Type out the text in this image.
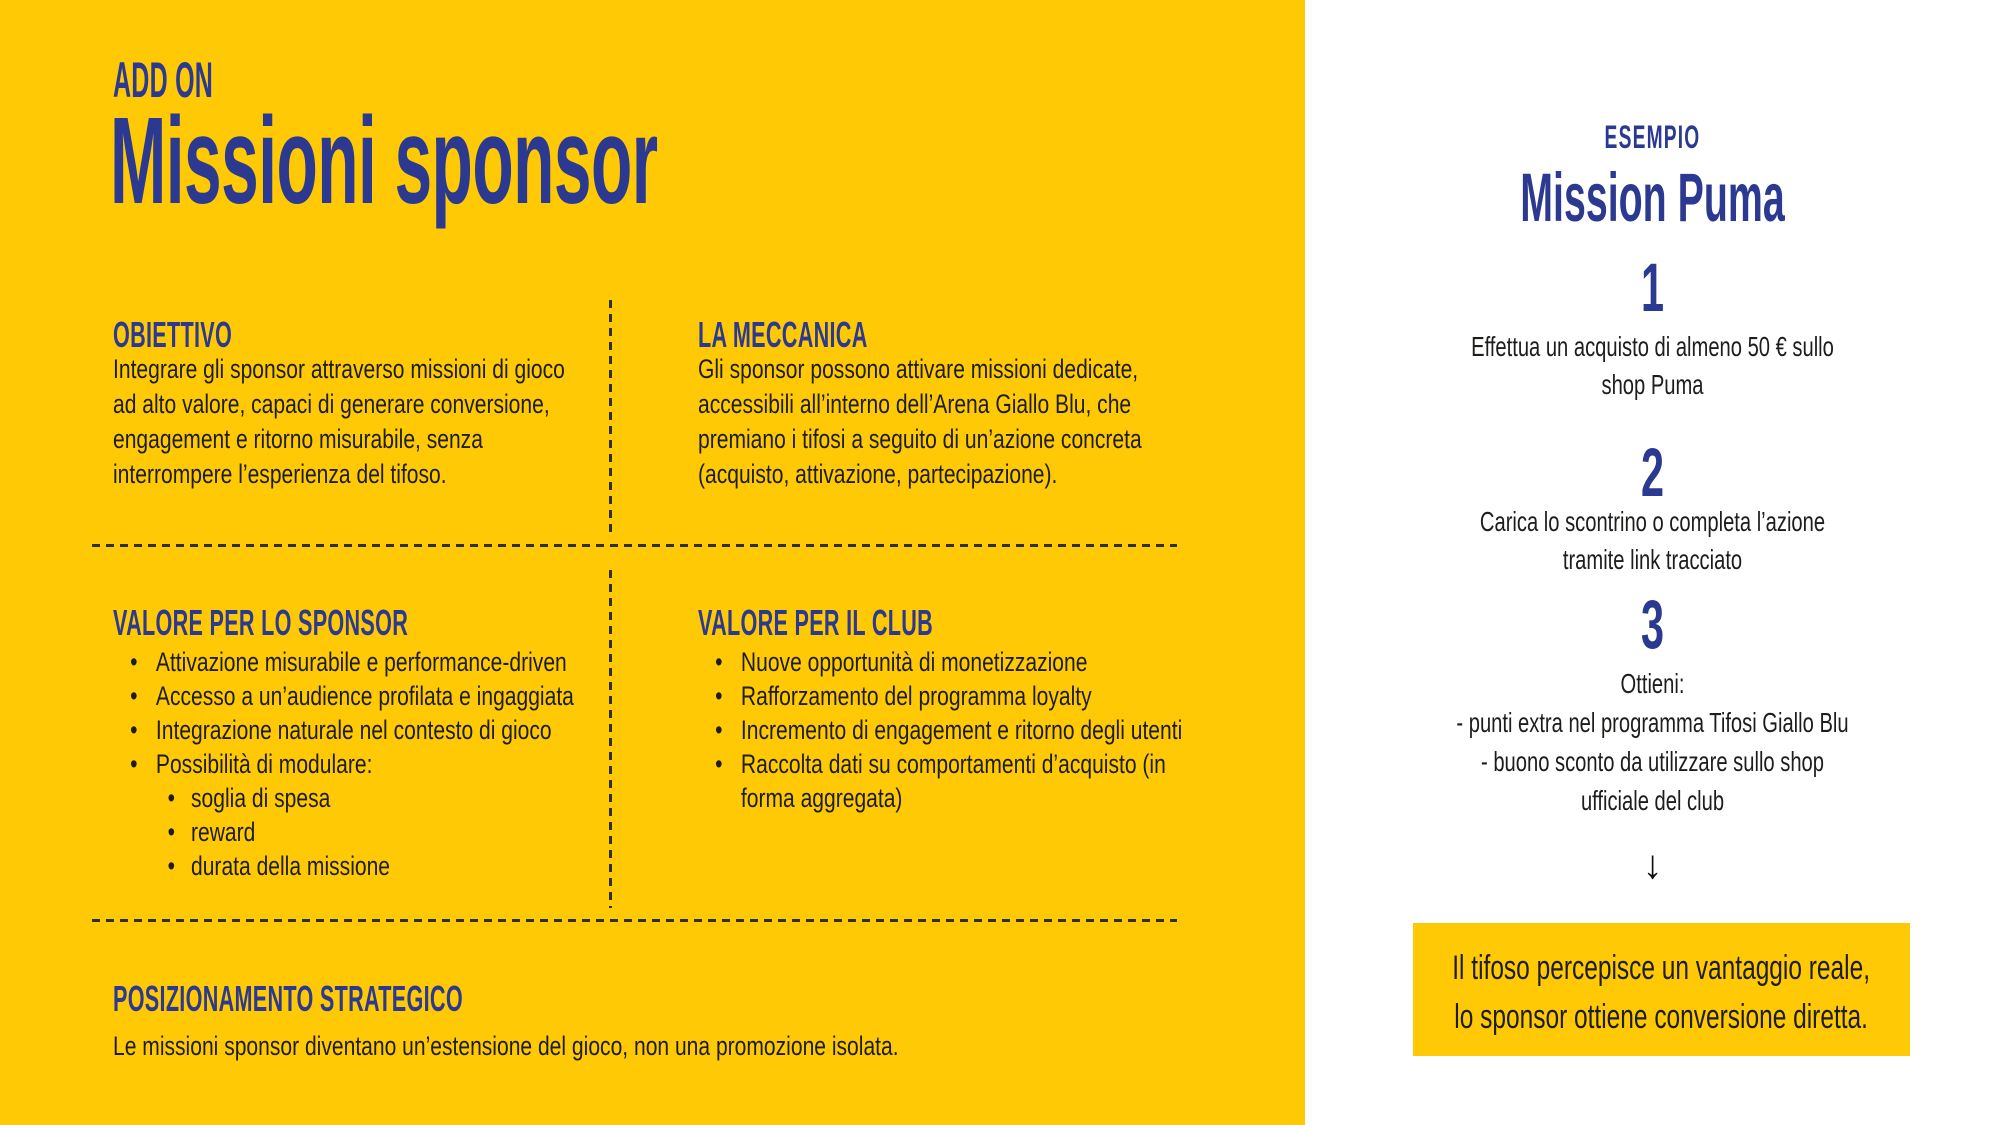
ADD ON
Missioni sponsor
OBIETTIVO
Integrare gli sponsor attraverso missioni di gioco
ad alto valore, capaci di generare conversione,
engagement e ritorno misurabile, senza
interrompere l’esperienza del tifoso.
LA MECCANICA
Gli sponsor possono attivare missioni dedicate,
accessibili all’interno dell’Arena Giallo Blu, che
premiano i tifosi a seguito di un’azione concreta
(acquisto, attivazione, partecipazione).
VALORE PER LO SPONSOR
• Attivazione misurabile e performance-driven
• Accesso a un’audience profilata e ingaggiata
• Integrazione naturale nel contesto di gioco
• Possibilità di modulare:
• soglia di spesa
• reward
• durata della missione
VALORE PER IL CLUB
• Nuove opportunità di monetizzazione
• Rafforzamento del programma loyalty
• Incremento di engagement e ritorno degli utenti
• Raccolta dati su comportamenti d’acquisto (in
forma aggregata)
POSIZIONAMENTO STRATEGICO
Le missioni sponsor diventano un’estensione del gioco, non una promozione isolata.
ESEMPIO
Mission Puma
1
Effettua un acquisto di almeno 50 € sullo
shop Puma
2
Carica lo scontrino o completa l’azione
tramite link tracciato
3
Ottieni:
- punti extra nel programma Tifosi Giallo Blu
- buono sconto da utilizzare sullo shop
ufficiale del club
↓
Il tifoso percepisce un vantaggio reale,
lo sponsor ottiene conversione diretta.
